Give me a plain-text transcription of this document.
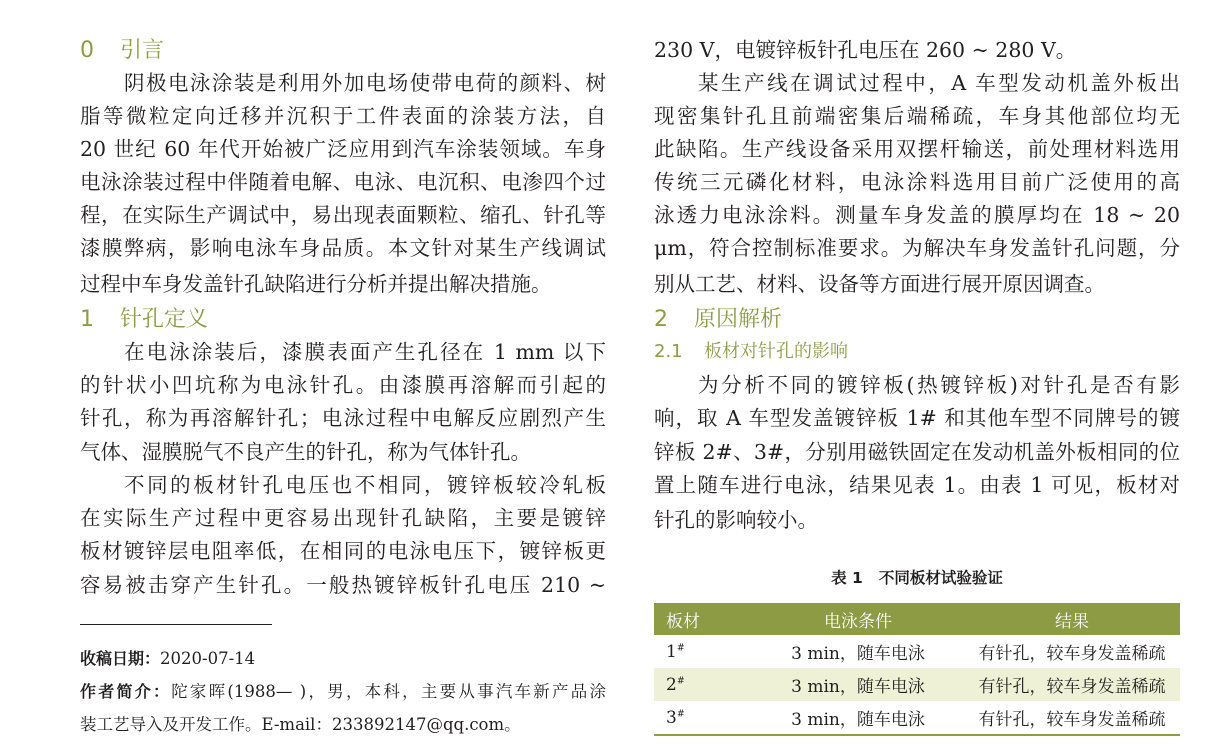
0 引言
阴极电泳涂装是利用外加电场使带电荷的颜料、树
脂等微粒定向迁移并沉积于工件表面的涂装方法，自
20 世纪 60 年代开始被广泛应用到汽车涂装领域。车身
电泳涂装过程中伴随着电解、电泳、电沉积、电渗四个过
程，在实际生产调试中，易出现表面颗粒、缩孔、针孔等
漆膜弊病，影响电泳车身品质。本文针对某生产线调试
过程中车身发盖针孔缺陷进行分析并提出解决措施。
1 针孔定义
在电泳涂装后，漆膜表面产生孔径在 1 mm 以下
的针状小凹坑称为电泳针孔。由漆膜再溶解而引起的
针孔，称为再溶解针孔；电泳过程中电解反应剧烈产生
气体、湿膜脱气不良产生的针孔，称为气体针孔。
不同的板材针孔电压也不相同，镀锌板较冷轧板
在实际生产过程中更容易出现针孔缺陷，主要是镀锌
板材镀锌层电阻率低，在相同的电泳电压下，镀锌板更
容易被击穿产生针孔。一般热镀锌板针孔电压 210 ~
收稿日期：2020-07-14
作者简介：陀家晖(1988— )，男，本科，主要从事汽车新产品涂
装工艺导入及开发工作。E-mail：233892147@qq.com。
230 V，电镀锌板针孔电压在 260 ~ 280 V。
某生产线在调试过程中，A 车型发动机盖外板出
现密集针孔且前端密集后端稀疏，车身其他部位均无
此缺陷。生产线设备采用双摆杆输送，前处理材料选用
传统三元磷化材料，电泳涂料选用目前广泛使用的高
泳透力电泳涂料。测量车身发盖的膜厚均在 18 ~ 20
μm，符合控制标准要求。为解决车身发盖针孔问题，分
别从工艺、材料、设备等方面进行展开原因调查。
2 原因解析
2.1 板材对针孔的影响
为分析不同的镀锌板(热镀锌板)对针孔是否有影
响，取 A 车型发盖镀锌板 1# 和其他车型不同牌号的镀
锌板 2#、3#，分别用磁铁固定在发动机盖外板相同的位
置上随车进行电泳，结果见表 1。由表 1 可见，板材对
针孔的影响较小。
表 1 不同板材试验验证
板材	电泳条件	结果
1#	3 min，随车电泳	有针孔，较车身发盖稀疏
2#	3 min，随车电泳	有针孔，较车身发盖稀疏
3#	3 min，随车电泳	有针孔，较车身发盖稀疏
